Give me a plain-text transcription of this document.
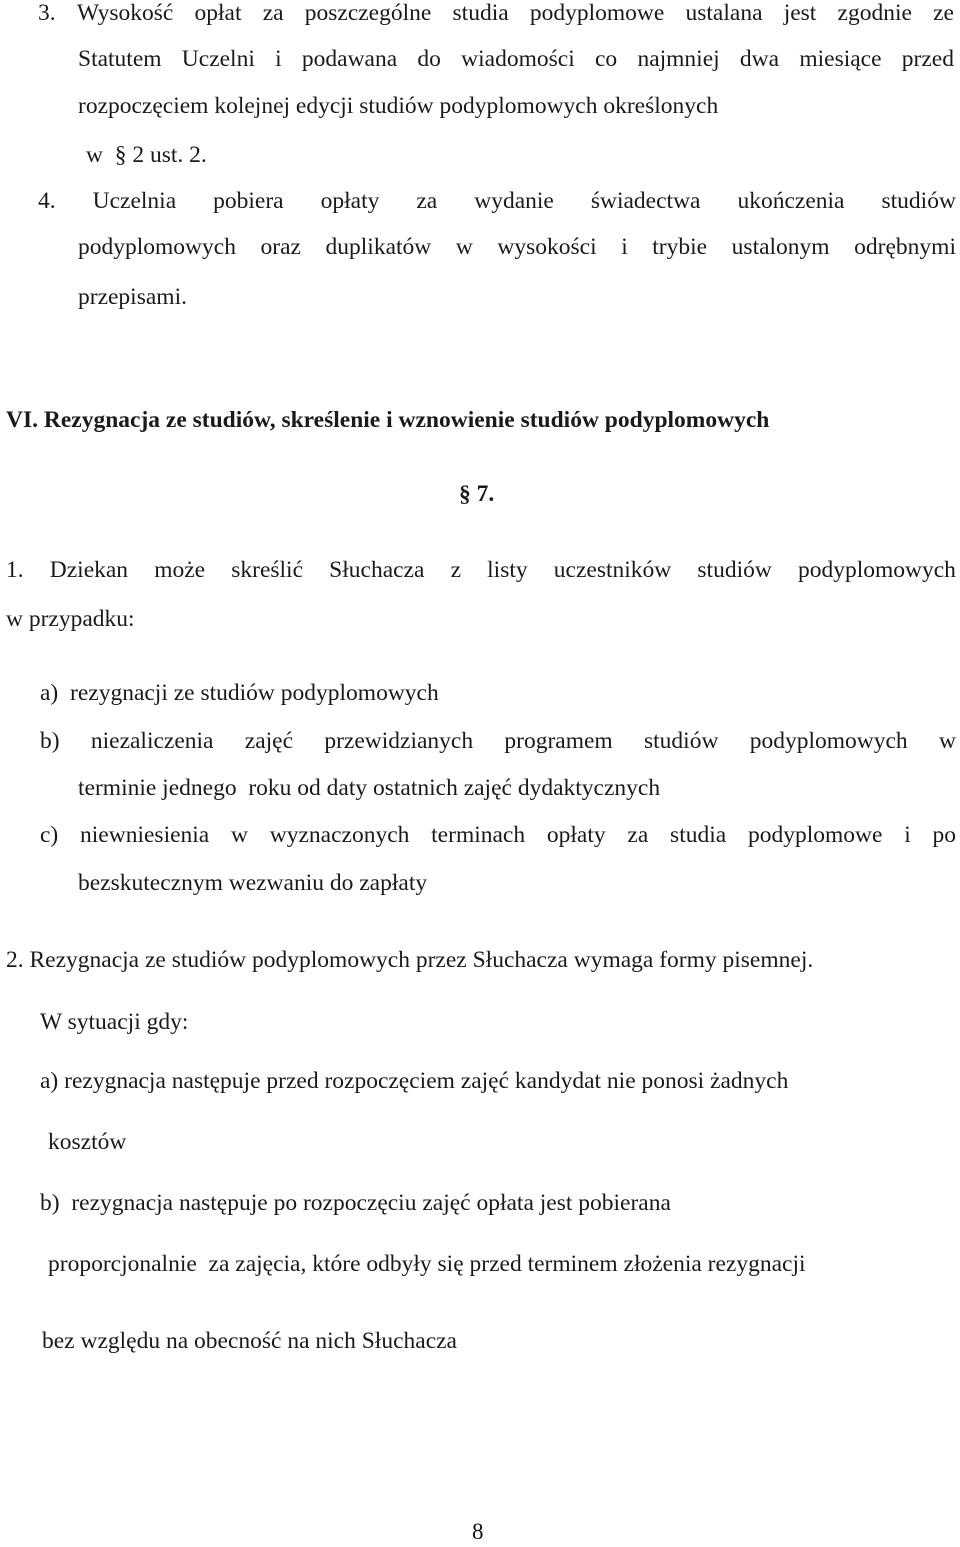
3. Wysokość opłat za poszczególne studia podyplomowe ustalana jest zgodnie ze
Statutem Uczelni i podawana do wiadomości co najmniej dwa miesiące przed
rozpoczęciem kolejnej edycji studiów podyplomowych określonych
w  § 2 ust. 2.
4. Uczelnia pobiera opłaty za wydanie świadectwa ukończenia studiów
podyplomowych oraz duplikatów w wysokości i trybie ustalonym odrębnymi
przepisami.
VI. Rezygnacja ze studiów, skreślenie i wznowienie studiów podyplomowych
§ 7.
1. Dziekan może skreślić Słuchacza z listy uczestników studiów podyplomowych
w przypadku:
a)  rezygnacji ze studiów podyplomowych
b) niezaliczenia zajęć przewidzianych programem studiów podyplomowych w
terminie jednego  roku od daty ostatnich zajęć dydaktycznych
c) niewniesienia w wyznaczonych terminach opłaty za studia podyplomowe i po
bezskutecznym wezwaniu do zapłaty
2. Rezygnacja ze studiów podyplomowych przez Słuchacza wymaga formy pisemnej.
W sytuacji gdy:
a) rezygnacja następuje przed rozpoczęciem zajęć kandydat nie ponosi żadnych
kosztów
b)  rezygnacja następuje po rozpoczęciu zajęć opłata jest pobierana
proporcjonalnie  za zajęcia, które odbyły się przed terminem złożenia rezygnacji
bez względu na obecność na nich Słuchacza
8
